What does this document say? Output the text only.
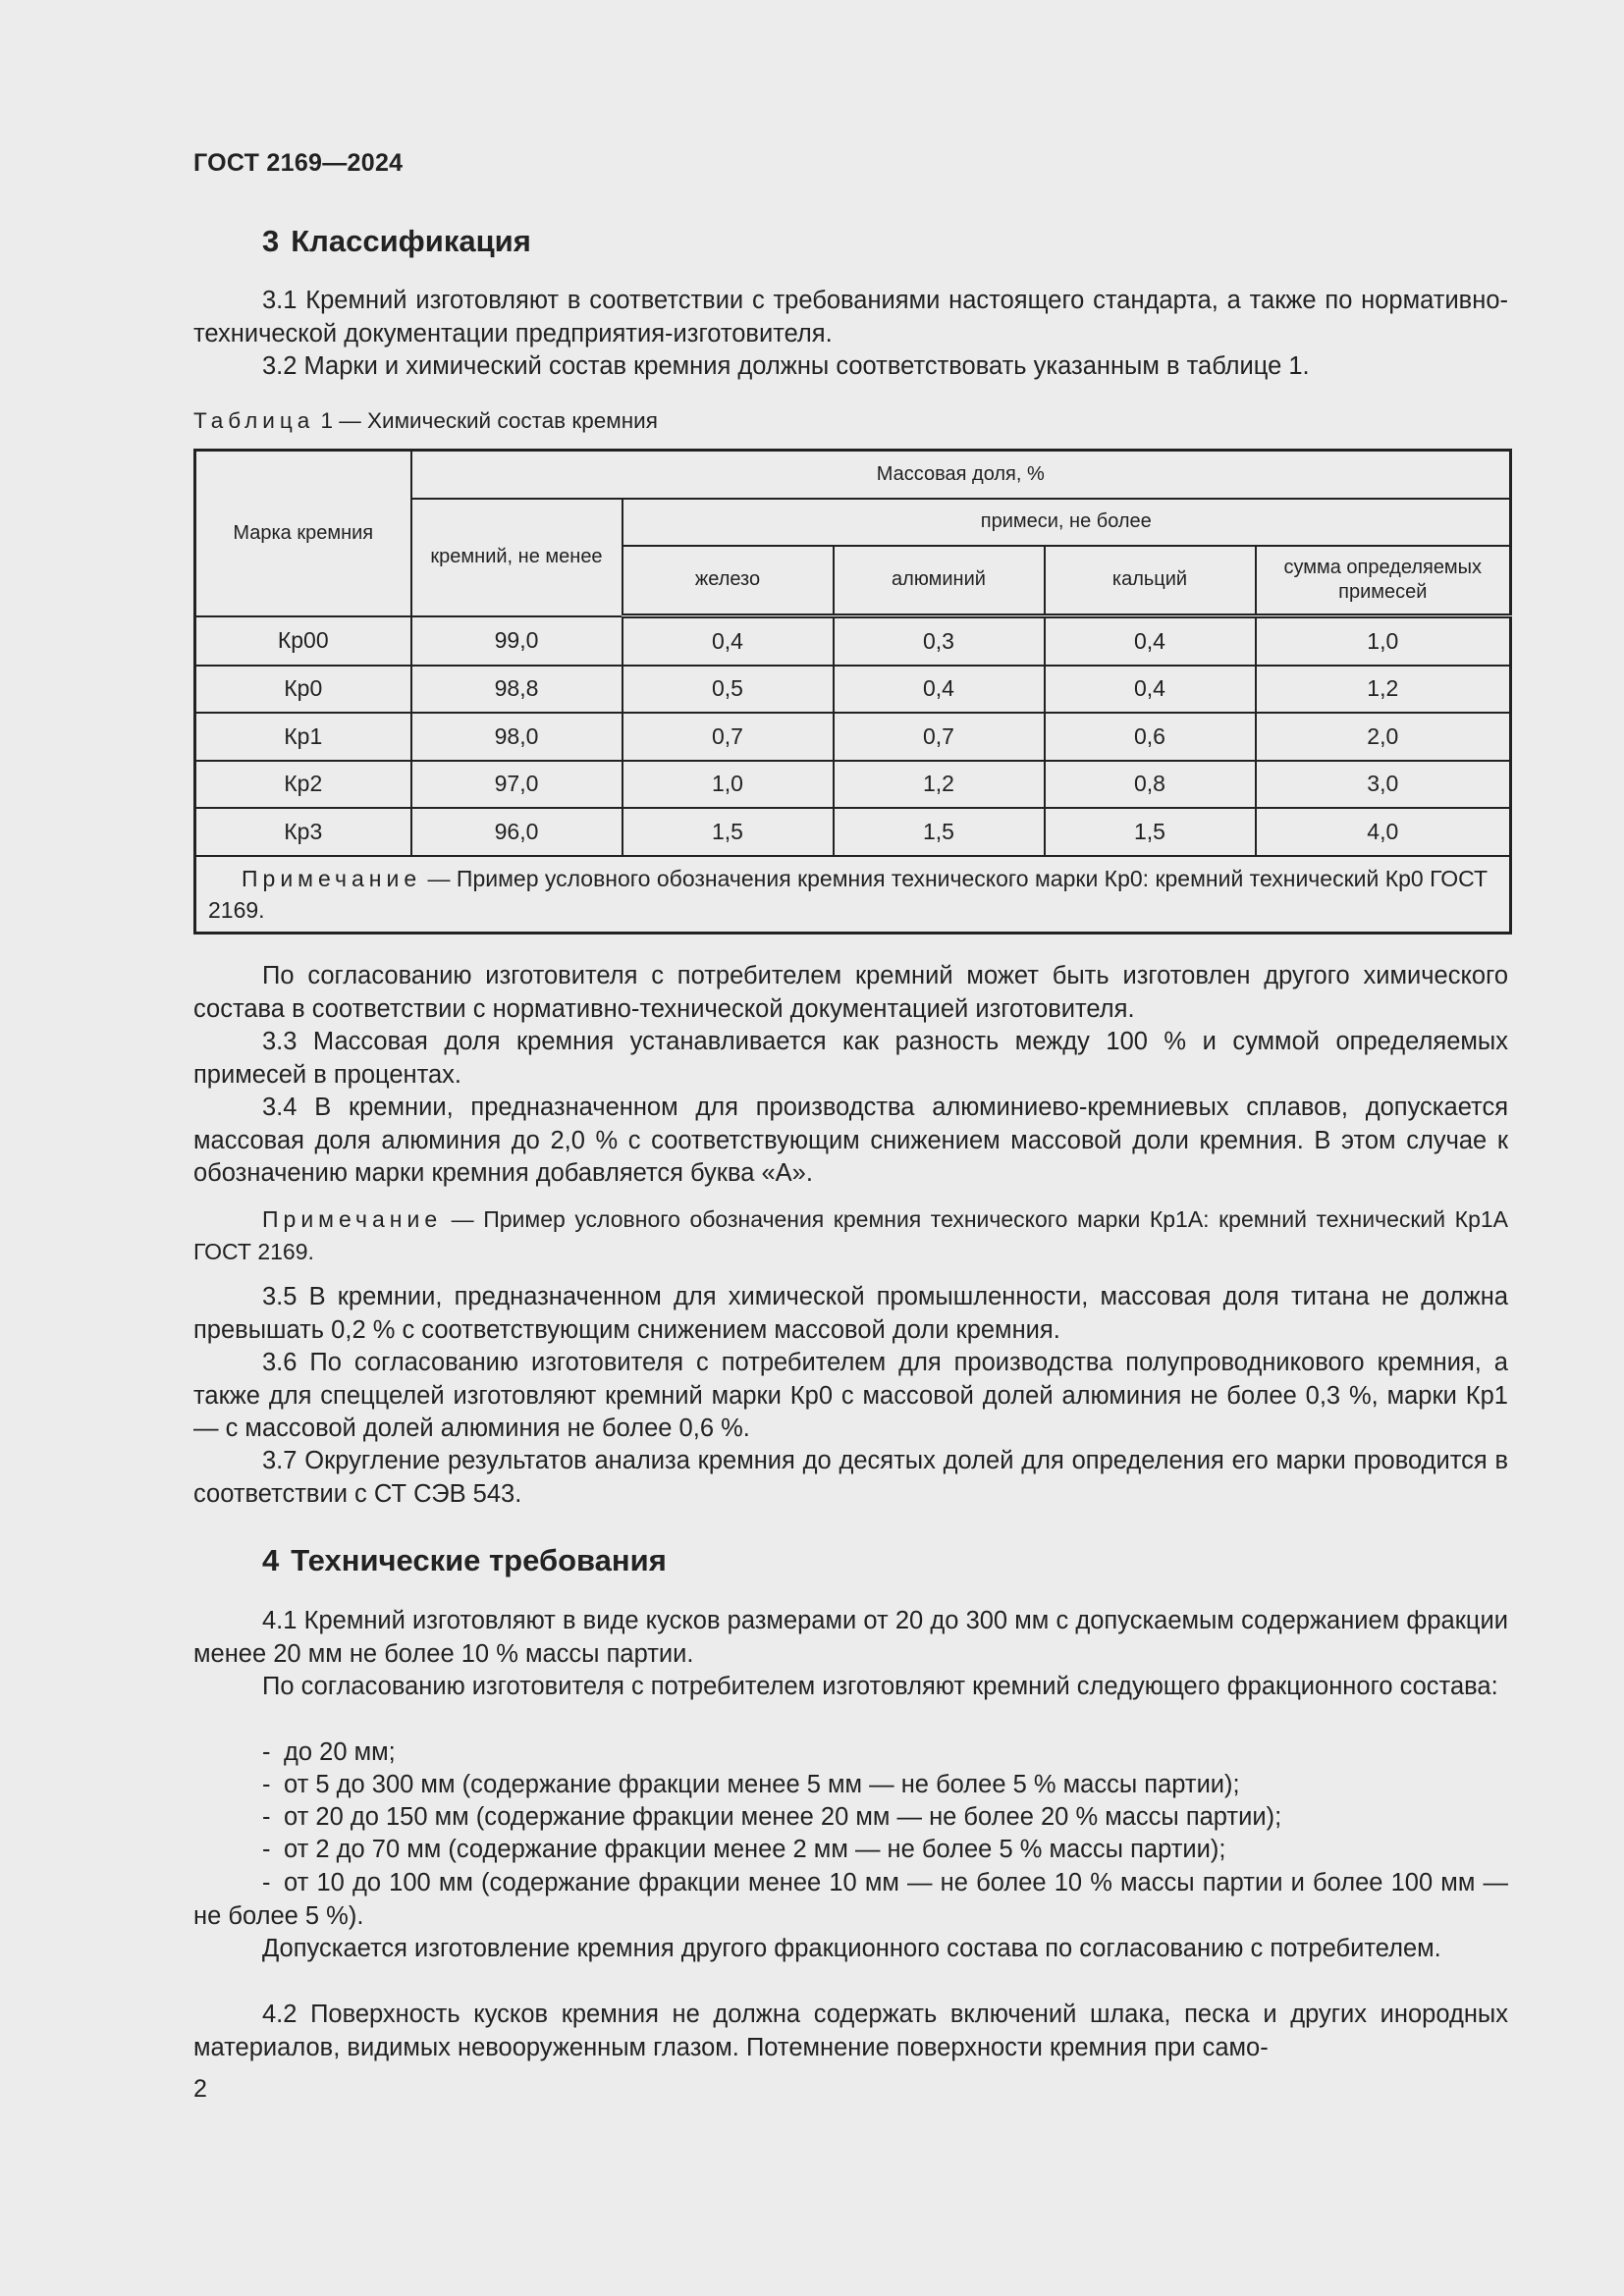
ГОСТ 2169—2024
3 Классификация
3.1 Кремний изготовляют в соответствии с требованиями настоящего стандарта, а также по нормативно-технической документации предприятия-изготовителя.
3.2 Марки и химический состав кремния должны соответствовать указанным в таблице 1.
Таблица 1 — Химический состав кремния
Марка кремния	Массовая доля, %				
	кремний, не менее	примеси, не более			
		железо	алюминий	кальций	сумма определяемых примесей
Кр00	99,0	0,4	0,3	0,4	1,0
Кр0	98,8	0,5	0,4	0,4	1,2
Кр1	98,0	0,7	0,7	0,6	2,0
Кр2	97,0	1,0	1,2	0,8	3,0
Кр3	96,0	1,5	1,5	1,5	4,0
Примечание — Пример условного обозначения кремния технического марки Кр0: кремний технический Кр0 ГОСТ 2169.					
По согласованию изготовителя с потребителем кремний может быть изготовлен другого химического состава в соответствии с нормативно-технической документацией изготовителя.
3.3 Массовая доля кремния устанавливается как разность между 100 % и суммой определяемых примесей в процентах.
3.4 В кремнии, предназначенном для производства алюминиево-кремниевых сплавов, допускается массовая доля алюминия до 2,0 % с соответствующим снижением массовой доли кремния. В этом случае к обозначению марки кремния добавляется буква «А».
Примечание — Пример условного обозначения кремния технического марки Кр1А: кремний технический Кр1А ГОСТ 2169.
3.5 В кремнии, предназначенном для химической промышленности, массовая доля титана не должна превышать 0,2 % с соответствующим снижением массовой доли кремния.
3.6 По согласованию изготовителя с потребителем для производства полупроводникового кремния, а также для спеццелей изготовляют кремний марки Кр0 с массовой долей алюминия не более 0,3 %, марки Кр1 — с массовой долей алюминия не более 0,6 %.
3.7 Округление результатов анализа кремния до десятых долей для определения его марки проводится в соответствии с СТ СЭВ 543.
4 Технические требования
4.1 Кремний изготовляют в виде кусков размерами от 20 до 300 мм с допускаемым содержанием фракции менее 20 мм не более 10 % массы партии.
По согласованию изготовителя с потребителем изготовляют кремний следующего фракционного состава:
- до 20 мм;
- от 5 до 300 мм (содержание фракции менее 5 мм — не более 5 % массы партии);
- от 20 до 150 мм (содержание фракции менее 20 мм — не более 20 % массы партии);
- от 2 до 70 мм (содержание фракции менее 2 мм — не более 5 % массы партии);
- от 10 до 100 мм (содержание фракции менее 10 мм — не более 10 % массы партии и более 100 мм — не более 5 %).
Допускается изготовление кремния другого фракционного состава по согласованию с потребителем.
4.2 Поверхность кусков кремния не должна содержать включений шлака, песка и других инородных материалов, видимых невооруженным глазом. Потемнение поверхности кремния при само-
2
